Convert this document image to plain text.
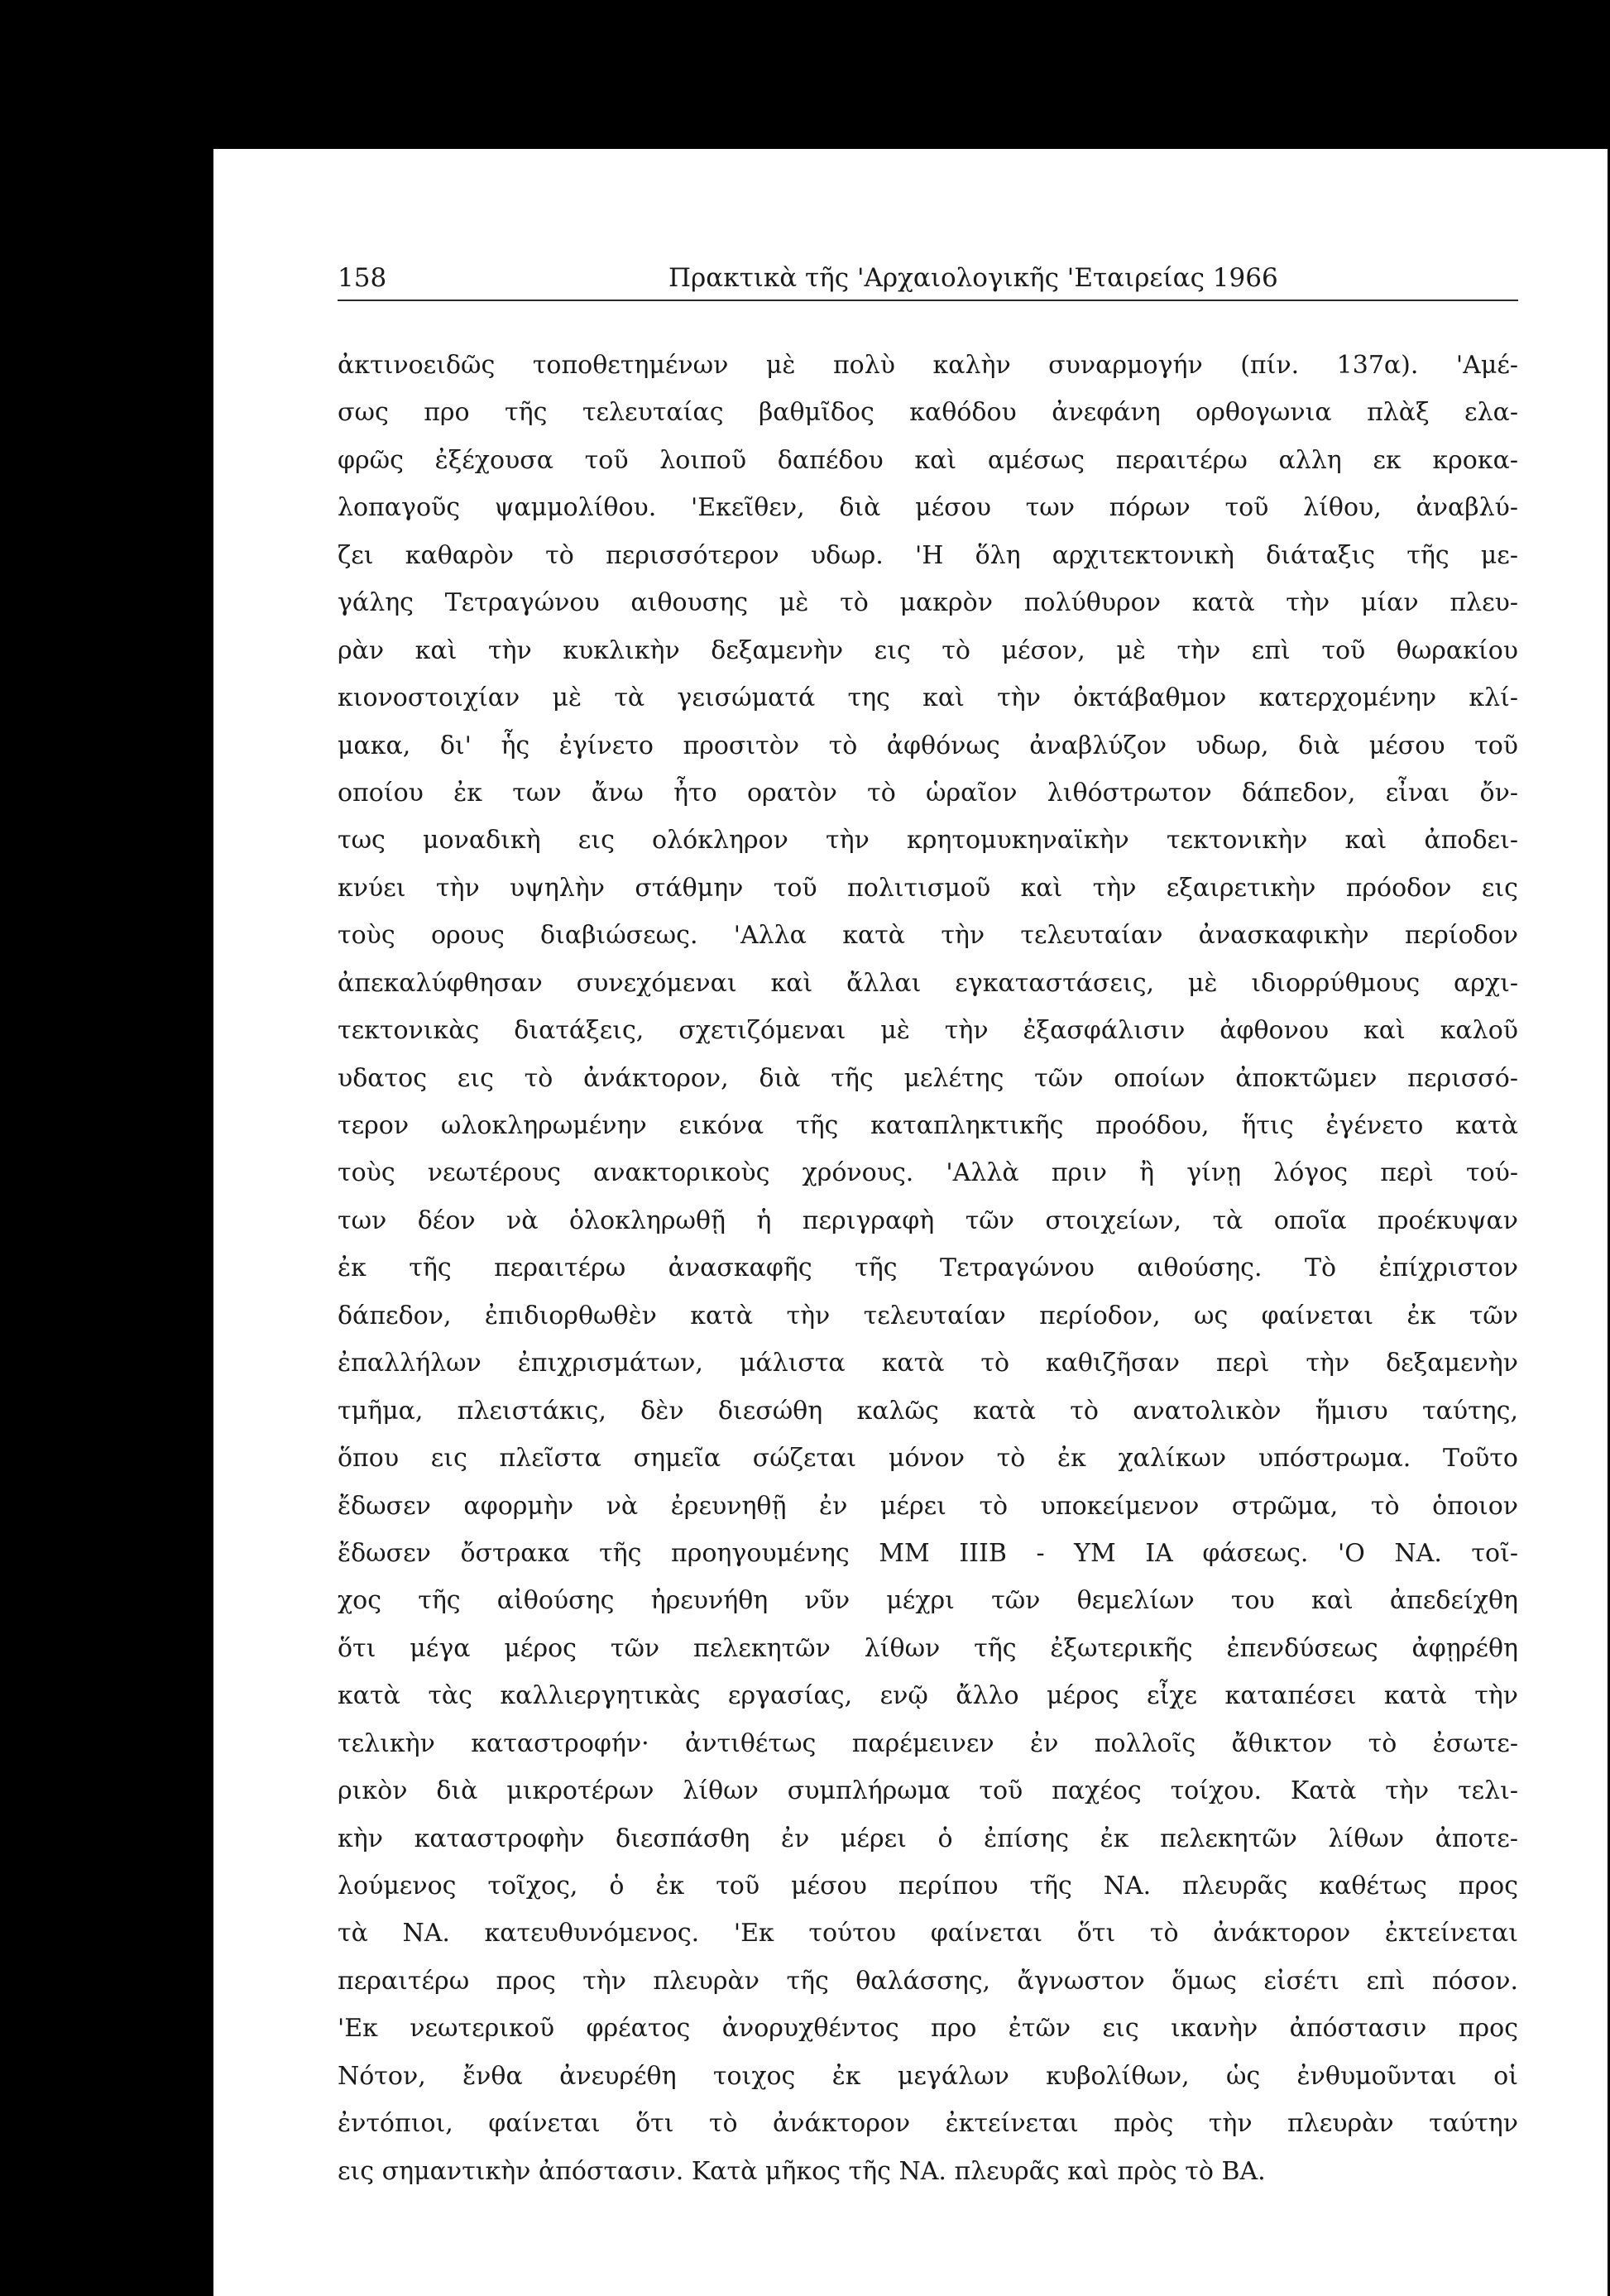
158	Πρακτικὰ τῆς 'Αρχαιολογικῆς 'Εταιρείας 1966
ἀκτινοειδῶς τοποθετημένων μὲ πολὺ καλὴν συναρμογήν (πίν. 137α). 'Αμέ-
σως προ τῆς τελευταίας βαθμῖδος καθόδου ἀνεφάνη ορθογωνια πλὰξ ελα-
φρῶς ἐξέχουσα τοῦ λοιποῦ δαπέδου καὶ αμέσως περαιτέρω αλλη εκ κροκα-
λοπαγοῦς ψαμμολίθου. 'Εκεῖθεν, διὰ μέσου των πόρων τοῦ λίθου, ἀναβλύ-
ζει καθαρὸν τὸ περισσότερον υδωρ. 'Η ὅλη αρχιτεκτονικὴ διάταξις τῆς με-
γάλης Τετραγώνου αιθουσης μὲ τὸ μακρὸν πολύθυρον κατὰ τὴν μίαν πλευ-
ρὰν καὶ τὴν κυκλικὴν δεξαμενὴν εις τὸ μέσον, μὲ τὴν επὶ τοῦ θωρακίου
κιονοστοιχίαν μὲ τὰ γεισώματά της καὶ τὴν ὀκτάβαθμον κατερχομένην κλί-
μακα, δι' ἧς ἐγίνετο προσιτὸν τὸ ἀφθόνως ἀναβλύζον υδωρ, διὰ μέσου τοῦ
οποίου ἐκ των ἄνω ἦτο ορατὸν τὸ ὡραῖον λιθόστρωτον δάπεδον, εἶναι ὄν-
τως μοναδικὴ εις ολόκληρον τὴν κρητομυκηναϊκὴν τεκτονικὴν καὶ ἀποδει-
κνύει τὴν υψηλὴν στάθμην τοῦ πολιτισμοῦ καὶ τὴν εξαιρετικὴν πρόοδον εις
τοὺς ορους διαβιώσεως. 'Αλλα κατὰ τὴν τελευταίαν ἀνασκαφικὴν περίοδον
ἀπεκαλύφθησαν συνεχόμεναι καὶ ἄλλαι εγκαταστάσεις, μὲ ιδιορρύθμους αρχι-
τεκτονικὰς διατάξεις, σχετιζόμεναι μὲ τὴν ἐξασφάλισιν ἀφθονου καὶ καλοῦ
υδατος εις τὸ ἀνάκτορον, διὰ τῆς μελέτης τῶν οποίων ἀποκτῶμεν περισσό-
τερον ωλοκληρωμένην εικόνα τῆς καταπληκτικῆς προόδου, ἥτις ἐγένετο κατὰ
τοὺς νεωτέρους ανακτορικοὺς χρόνους. 'Αλλὰ πριν ἢ γίνῃ λόγος περὶ τού-
των δέον νὰ ὁλοκληρωθῇ ἡ περιγραφὴ τῶν στοιχείων, τὰ οποῖα προέκυψαν
ἐκ τῆς περαιτέρω ἀνασκαφῆς τῆς Τετραγώνου αιθούσης. Τὸ ἐπίχριστον
δάπεδον, ἐπιδιορθωθὲν κατὰ τὴν τελευταίαν περίοδον, ως φαίνεται ἐκ τῶν
ἐπαλλήλων ἐπιχρισμάτων, μάλιστα κατὰ τὸ καθιζῆσαν περὶ τὴν δεξαμενὴν
τμῆμα, πλειστάκις, δὲν διεσώθη καλῶς κατὰ τὸ ανατολικὸν ἥμισυ ταύτης,
ὅπου εις πλεῖστα σημεῖα σώζεται μόνον τὸ ἐκ χαλίκων υπόστρωμα. Τοῦτο
ἔδωσεν αφορμὴν νὰ ἐρευνηθῇ ἐν μέρει τὸ υποκείμενον στρῶμα, τὸ ὁποιον
ἔδωσεν ὄστρακα τῆς προηγουμένης ΜΜ ΙΙΙΒ - ΥΜ ΙΑ φάσεως. 'Ο ΝΑ. τοῖ-
χος τῆς αἰθούσης ἠρευνήθη νῦν μέχρι τῶν θεμελίων του καὶ ἀπεδείχθη
ὅτι μέγα μέρος τῶν πελεκητῶν λίθων τῆς ἐξωτερικῆς ἐπενδύσεως ἀφῃρέθη
κατὰ τὰς καλλιεργητικὰς εργασίας, ενῷ ἄλλο μέρος εἶχε καταπέσει κατὰ τὴν
τελικὴν καταστροφήν· ἀντιθέτως παρέμεινεν ἐν πολλοῖς ἄθικτον τὸ ἐσωτε-
ρικὸν διὰ μικροτέρων λίθων συμπλήρωμα τοῦ παχέος τοίχου. Κατὰ τὴν τελι-
κὴν καταστροφὴν διεσπάσθη ἐν μέρει ὁ ἐπίσης ἐκ πελεκητῶν λίθων ἀποτε-
λούμενος τοῖχος, ὁ ἐκ τοῦ μέσου περίπου τῆς ΝΑ. πλευρᾶς καθέτως προς
τὰ ΝΑ. κατευθυνόμενος. 'Εκ τούτου φαίνεται ὅτι τὸ ἀνάκτορον ἐκτείνεται
περαιτέρω προς τὴν πλευρὰν τῆς θαλάσσης, ἄγνωστον ὅμως εἰσέτι επὶ πόσον.
'Εκ νεωτερικοῦ φρέατος ἀνορυχθέντος προ ἐτῶν εις ικανὴν ἀπόστασιν προς
Νότον, ἔνθα ἀνευρέθη τοιχος ἐκ μεγάλων κυβολίθων, ὡς ἐνθυμοῦνται οἱ
ἐντόπιοι, φαίνεται ὅτι τὸ ἀνάκτορον ἐκτείνεται πρὸς τὴν πλευρὰν ταύτην
εις σημαντικὴν ἀπόστασιν. Κατὰ μῆκος τῆς ΝΑ. πλευρᾶς καὶ πρὸς τὸ ΒΑ.
